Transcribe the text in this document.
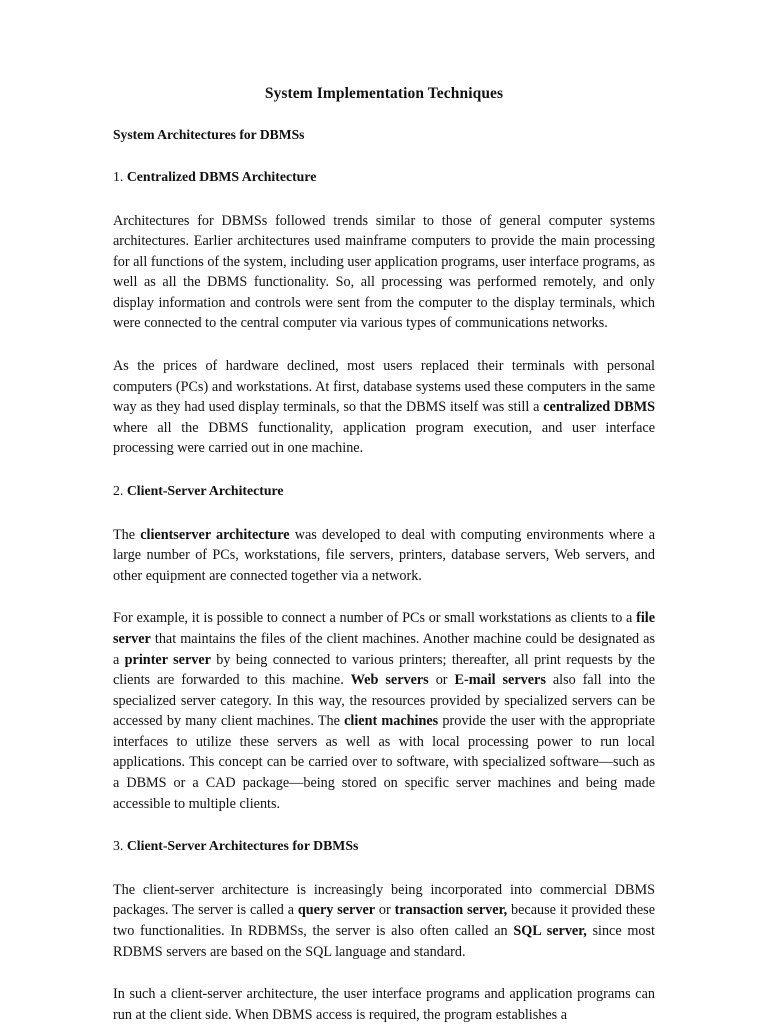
System Implementation Techniques
System Architectures for DBMSs
1. Centralized DBMS Architecture

Architectures for DBMSs followed trends similar to those of general computer systems architectures. Earlier architectures used mainframe computers to provide the main processing for all functions of the system, including user application programs, user interface programs, as well as all the DBMS functionality. So, all processing was performed remotely, and only display information and controls were sent from the computer to the display terminals, which were connected to the central computer via various types of communications networks.

As the prices of hardware declined, most users replaced their terminals with personal computers (PCs) and workstations. At first, database systems used these computers in the same way as they had used display terminals, so that the DBMS itself was still a centralized DBMS where all the DBMS functionality, application program execution, and user interface processing were carried out in one machine.

2. Client-Server Architecture

The clientserver architecture was developed to deal with computing environments where a large number of PCs, workstations, file servers, printers, database servers, Web servers, and other equipment are connected together via a network.

For example, it is possible to connect a number of PCs or small workstations as clients to a file server that maintains the files of the client machines. Another machine could be designated as a printer server by being connected to various printers; thereafter, all print requests by the clients are forwarded to this machine. Web servers or E-mail servers also fall into the specialized server category. In this way, the resources provided by specialized servers can be accessed by many client machines. The client machines provide the user with the appropriate interfaces to utilize these servers as well as with local processing power to run local applications. This concept can be carried over to software, with specialized software—such as a DBMS or a CAD package—being stored on specific server machines and being made accessible to multiple clients.

3. Client-Server Architectures for DBMSs

The client-server architecture is increasingly being incorporated into commercial DBMS packages. The server is called a query server or transaction server, because it provided these two functionalities. In RDBMSs, the server is also often called an SQL server, since most RDBMS servers are based on the SQL language and standard.

In such a client-server architecture, the user interface programs and application programs can run at the client side. When DBMS access is required, the program establishes a
